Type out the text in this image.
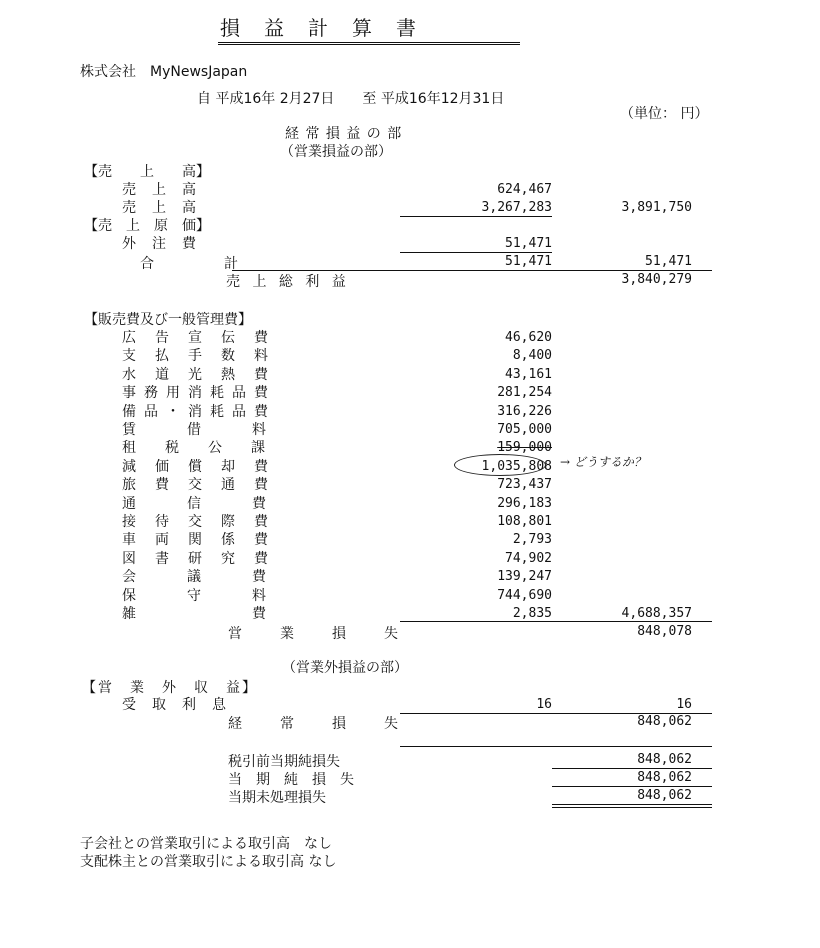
損益計算書
株式会社　MyNewsJapan
自 平成16年 2月27日　　至 平成16年12月31日
（単位： 円）
経 常 損 益 の 部
（営業損益の部）
【売　　上　　高】
売上高	624,467
売上高	3,267,283	3,891,750
【売　上　原　価】
外注費	51,471
合計	51,471	51,471
売 上 総 利 益	3,840,279
【販売費及び一般管理費】
広告宣伝費	46,620
支払手数料	8,400
水道光熱費	43,161
事務用消耗品費	281,254
備品・消耗品費	316,226
賃借料	705,000
租税公課	159,000
減価償却費	1,035,808
旅費交通費	723,437
通信費	296,183
接待交際費	108,801
車両関係費	2,793
図書研究費	74,902
会議費	139,247
保守料	744,690
雑費	2,835	4,688,357
→ どうするか？
営　業　損　失	848,078
（営業外損益の部）
【営　業　外　収　益】
受取利息	16	16
経　常　損　失	848,062
税引前当期純損失	848,062
当　期　純　損　失	848,062
当期未処理損失	848,062
子会社との営業取引による取引高　なし
支配株主との営業取引による取引高 なし
